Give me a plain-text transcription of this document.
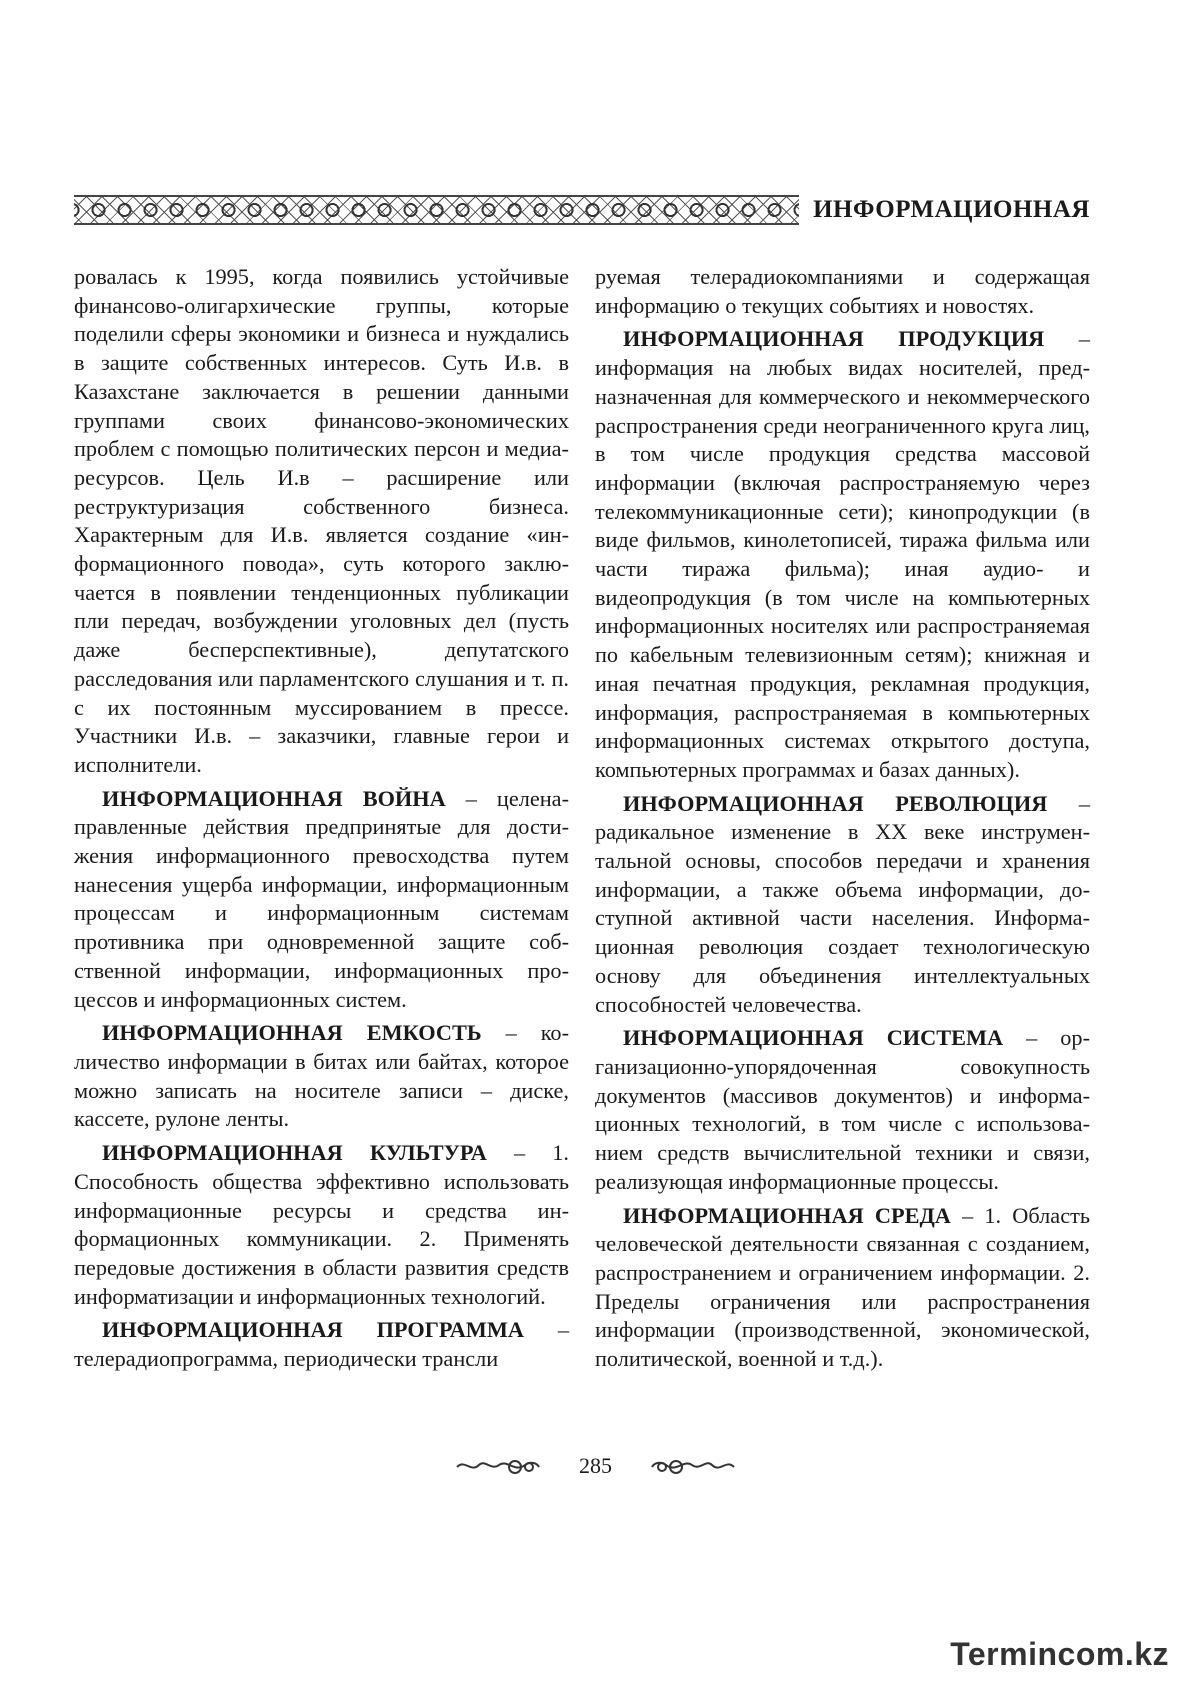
ИНФОРМАЦИОННАЯ

ровалась к 1995, когда появились устойчивые финансово-олигархические группы, которые поделили сферы экономики и бизнеса и нуждались в защите собственных интересов. Суть И.в. в Казахстане заключается в решении данными группами своих финансово-экономических проблем с помощью политических персон и медиа-ресурсов. Цель И.в – расширение или реструктуризация собственного бизнеса. Характерным для И.в. является создание «информационного повода», суть которого заключается в появлении тенденционных публикации пли передач, возбуждении уголовных дел (пусть даже бесперспективные), депутатского расследования или парламентского слушания и т. п. с их постоянным муссированием в прессе. Участники И.в. – заказчики, главные герои и исполнители.

ИНФОРМАЦИОННАЯ ВОЙНА – целенаправленные действия предпринятые для достижения информационного превосходства путем нанесения ущерба информации, информационным процессам и информационным системам противника при одновременной защите собственной информации, информационных процессов и информационных систем.

ИНФОРМАЦИОННАЯ ЕМКОСТЬ – количество информации в битах или байтах, которое можно записать на носителе записи – диске, кассете, рулоне ленты.

ИНФОРМАЦИОННАЯ КУЛЬТУРА – 1. Способность общества эффективно использовать информационные ресурсы и средства информационных коммуникации. 2. Применять передовые достижения в области развития средств информатизации и информационных технологий.

ИНФОРМАЦИОННАЯ ПРОГРАММА – телерадиопрограмма, периодически трансли

руемая телерадиокомпаниями и содержащая информацию о текущих событиях и новостях.

ИНФОРМАЦИОННАЯ ПРОДУКЦИЯ – информация на любых видах носителей, предназначенная для коммерческого и некоммерческого распространения среди неограниченного круга лиц, в том числе продукция средства массовой информации (включая распространяемую через телекоммуникационные сети); кинопродукции (в виде фильмов, кинолетописей, тиража фильма или части тиража фильма); иная аудио- и видеопродукция (в том числе на компьютерных информационных носителях или распространяемая по кабельным телевизионным сетям); книжная и иная печатная продукция, рекламная продукция, информация, распространяемая в компьютерных информационных системах открытого доступа, компьютерных программах и базах данных).

ИНФОРМАЦИОННАЯ РЕВОЛЮЦИЯ – радикальное изменение в XX веке инструментальной основы, способов передачи и хранения информации, а также объема информации, доступной активной части населения. Информационная революция создает технологическую основу для объединения интеллектуальных способностей человечества.

ИНФОРМАЦИОННАЯ СИСТЕМА – организационно-упорядоченная совокупность документов (массивов документов) и информационных технологий, в том числе с использованием средств вычислительной техники и связи, реализующая информационные процессы.

ИНФОРМАЦИОННАЯ СРЕДА – 1. Область человеческой деятельности связанная с созданием, распространением и ограничением информации. 2. Пределы ограничения или распространения информации (производственной, экономической, политической, военной и т.д.).

285
Termincom.kz
